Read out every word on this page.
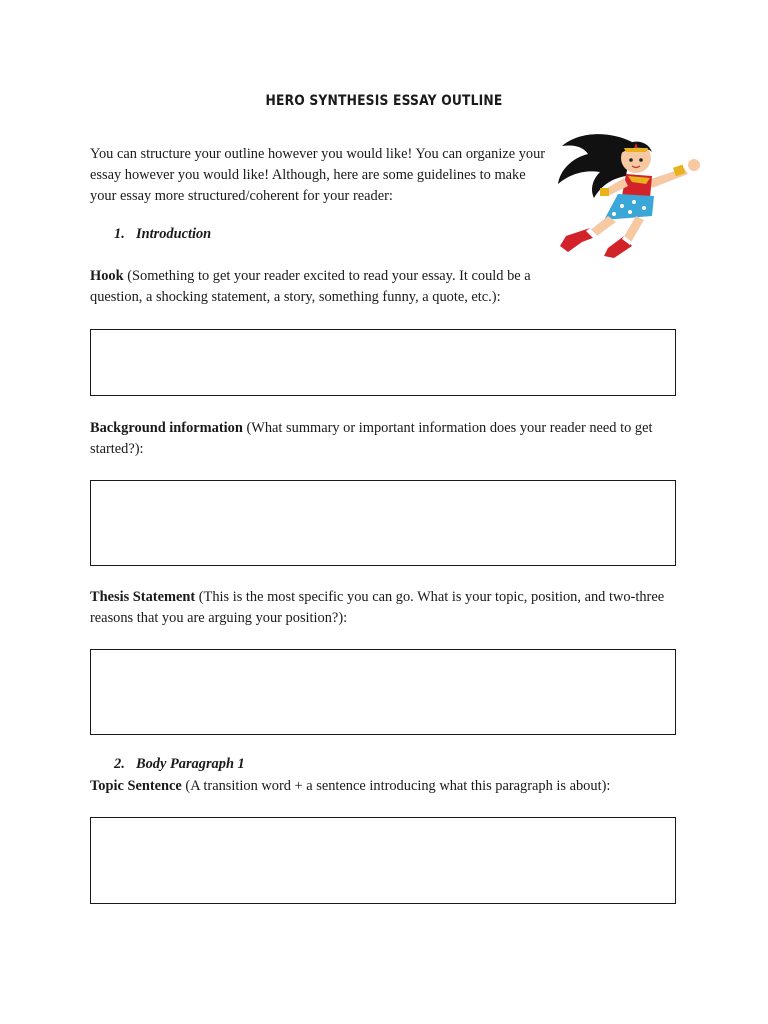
HERO SYNTHESIS ESSAY OUTLINE
You can structure your outline however you would like! You can organize your essay however you would like! Although, here are some guidelines to make your essay more structured/coherent for your reader:
1. Introduction
Hook (Something to get your reader excited to read your essay. It could be a question, a shocking statement, a story, something funny, a quote, etc.):
Background information (What summary or important information does your reader need to get started?):
Thesis Statement (This is the most specific you can go. What is your topic, position, and two-three reasons that you are arguing your position?):
2. Body Paragraph 1
Topic Sentence (A transition word + a sentence introducing what this paragraph is about):
